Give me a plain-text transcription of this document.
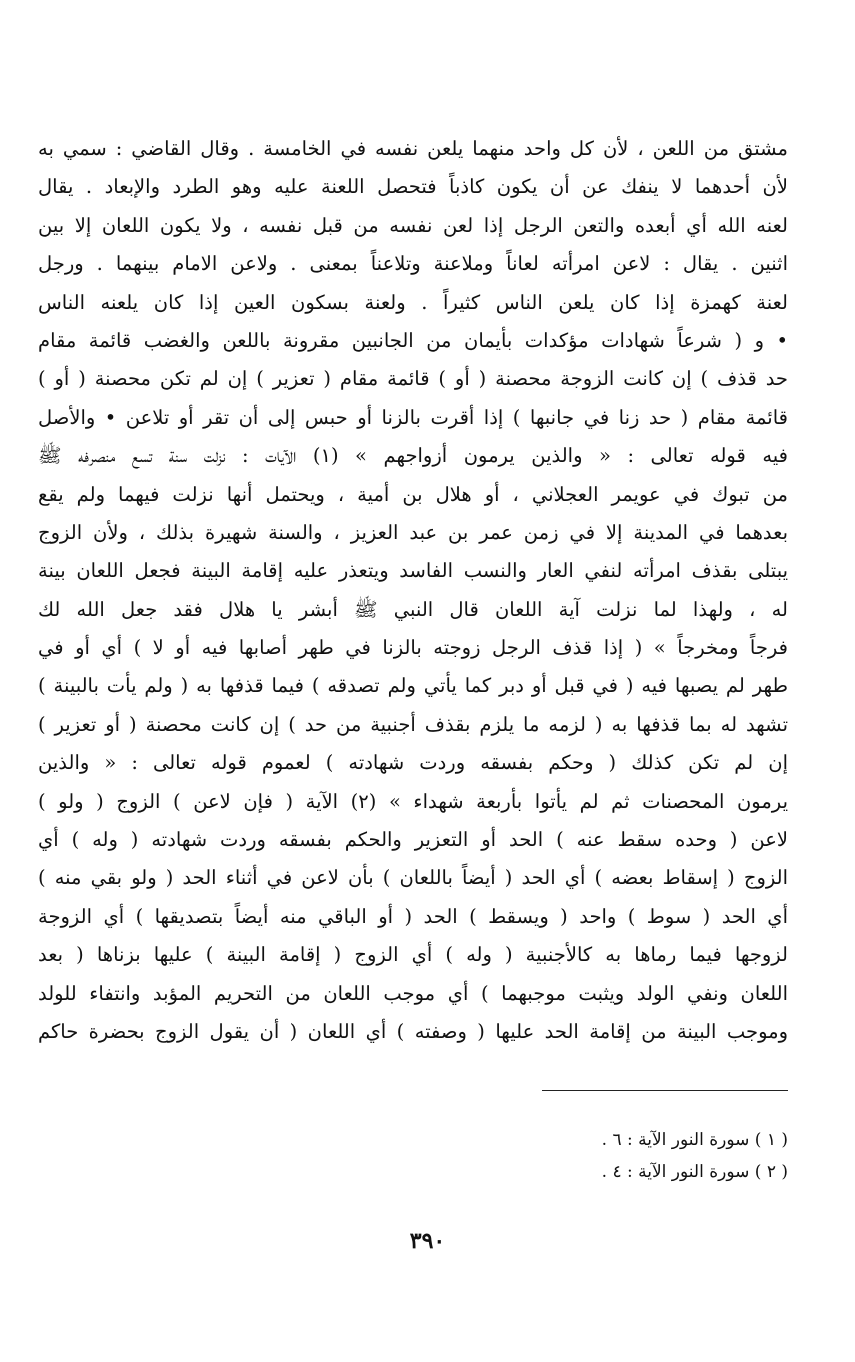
مشتق من اللعن ، لأن كل واحد منهما يلعن نفسه في الخامسة . وقال القاضي : سمي به
لأن أحدهما لا ينفك عن أن يكون كاذباً فتحصل اللعنة عليه وهو الطرد والإبعاد . يقال
لعنه الله أي أبعده والتعن الرجل إذا لعن نفسه من قبل نفسه ، ولا يكون اللعان إلا بين
اثنين . يقال : لاعن امرأته لعاناً وملاعنة وتلاعناً بمعنى . ولاعن الامام بينهما . ورجل
لعنة كهمزة إذا كان يلعن الناس كثيراً . ولعنة بسكون العين إذا كان يلعنه الناس
• و ( شرعاً شهادات مؤكدات بأيمان من الجانبين مقرونة باللعن والغضب قائمة مقام
حد قذف ) إن كانت الزوجة محصنة ( أو ) قائمة مقام ( تعزير ) إن لم تكن محصنة ( أو )
قائمة مقام ( حد زنا في جانبها ) إذا أقرت بالزنا أو حبس إلى أن تقر أو تلاعن • والأصل
فيه قوله تعالى : « والذين يرمون أزواجهم » (١) الآيات : نزلت سنة تسع منصرفه ﷺ
من تبوك في عويمر العجلاني ، أو هلال بن أمية ، ويحتمل أنها نزلت فيهما ولم يقع
بعدهما في المدينة إلا في زمن عمر بن عبد العزيز ، والسنة شهيرة بذلك ، ولأن الزوج
يبتلى بقذف امرأته لنفي العار والنسب الفاسد ويتعذر عليه إقامة البينة فجعل اللعان بينة
له ، ولهذا لما نزلت آية اللعان قال النبي ﷺ أبشر يا هلال فقد جعل الله لك
فرجاً ومخرجاً » ( إذا قذف الرجل زوجته بالزنا في طهر أصابها فيه أو لا ) أي أو في
طهر لم يصبها فيه ( في قبل أو دبر كما يأتي ولم تصدقه ) فيما قذفها به ( ولم يأت بالبينة )
تشهد له بما قذفها به ( لزمه ما يلزم بقذف أجنبية من حد ) إن كانت محصنة ( أو تعزير )
إن لم تكن كذلك ( وحكم بفسقه وردت شهادته ) لعموم قوله تعالى : « والذين
يرمون المحصنات ثم لم يأتوا بأربعة شهداء » (٢) الآية ( فإن لاعن ) الزوج ( ولو )
لاعن ( وحده سقط عنه ) الحد أو التعزير والحكم بفسقه وردت شهادته ( وله ) أي
الزوج ( إسقاط بعضه ) أي الحد ( أيضاً باللعان ) بأن لاعن في أثناء الحد ( ولو بقي منه )
أي الحد ( سوط ) واحد ( ويسقط ) الحد ( أو الباقي منه أيضاً بتصديقها ) أي الزوجة
لزوجها فيما رماها به كالأجنبية ( وله ) أي الزوج ( إقامة البينة ) عليها بزناها ( بعد
اللعان ونفي الولد ويثبت موجبهما ) أي موجب اللعان من التحريم المؤبد وانتفاء للولد
وموجب البينة من إقامة الحد عليها ( وصفته ) أي اللعان ( أن يقول الزوج بحضرة حاكم
( ١ ) سورة النور الآية : ٦ .
( ٢ ) سورة النور الآية : ٤ .
٣٩٠
